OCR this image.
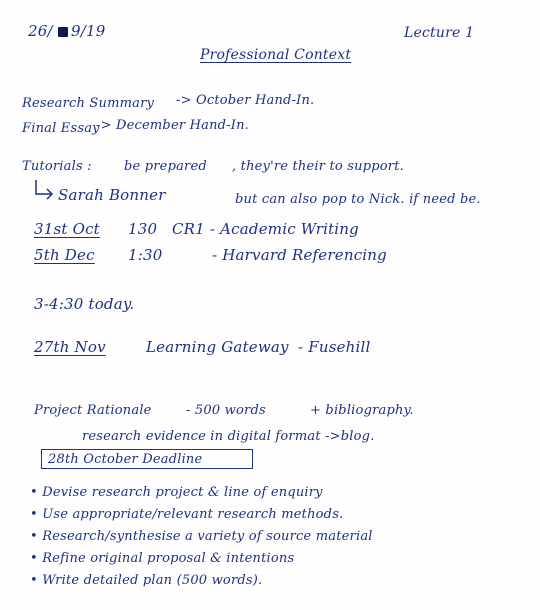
26/ 9/19	Lecture 1
Professional Context
Research Summary -> October Hand-In.
Final Essay
-> December Hand-In.
Tutorials : be prepared , they're their to support.
Sarah Bonner	but can also pop to Nick. if need be.
31st Oct 130 CR1 - Academic Writing
5th Dec 1:30	- Harvard Referencing
3-4:30 today.
27th Nov	Learning Gateway - Fusehill
Project Rationale	- 500 words	+ bibliography.
research evidence in digital format ->blog.
28th October Deadline
• Devise research project & line of enquiry
• Use appropriate/relevant research methods.
• Research/synthesise a variety of source material
• Refine original proposal & intentions
• Write detailed plan (500 words).
